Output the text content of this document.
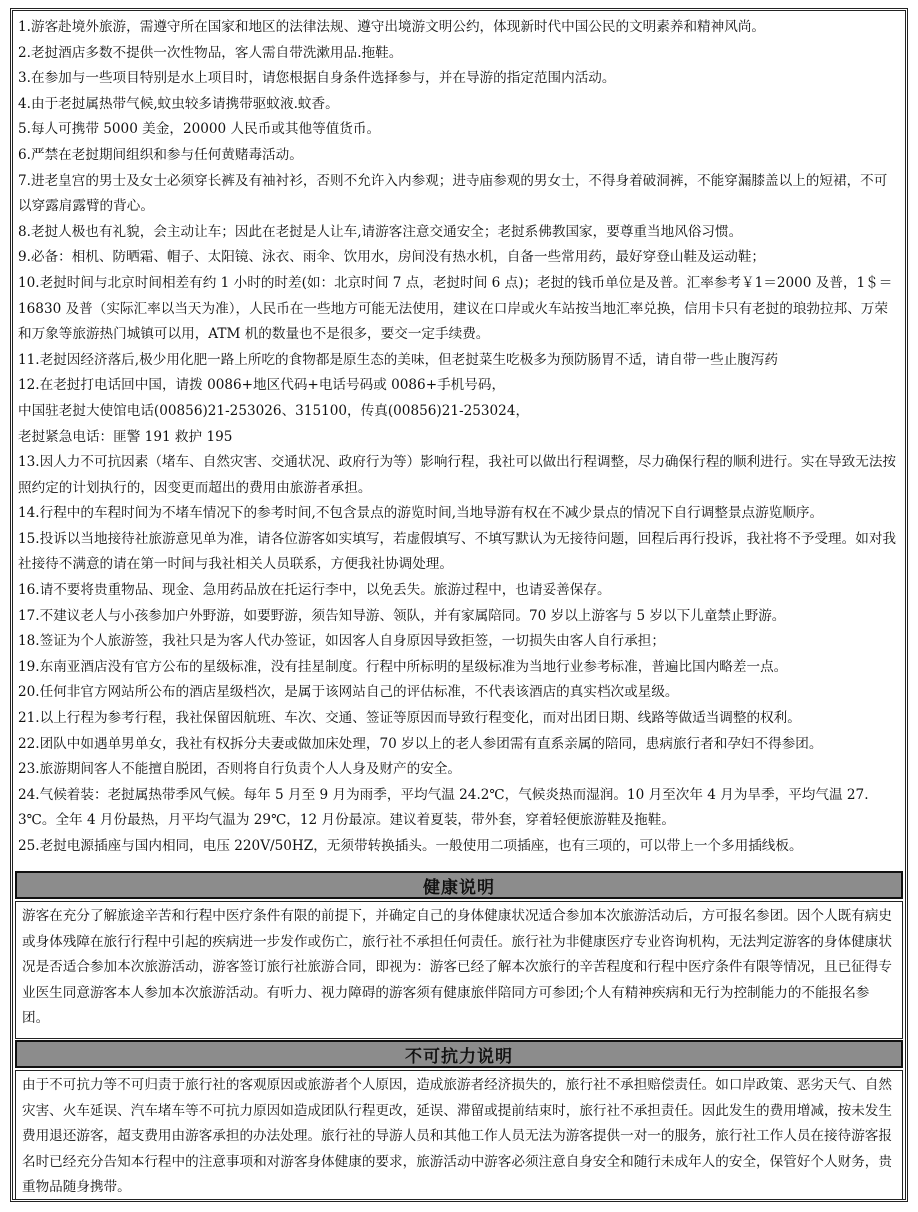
1.游客赴境外旅游，需遵守所在国家和地区的法律法规、遵守出境游文明公约，体现新时代中国公民的文明素养和精神风尚。
2.老挝酒店多数不提供一次性物品，客人需自带洗漱用品.拖鞋。
3.在参加与一些项目特别是水上项目时，请您根据自身条件选择参与，并在导游的指定范围内活动。
4.由于老挝属热带气候,蚊虫较多请携带驱蚊液.蚊香。
5.每人可携带 5000 美金，20000 人民币或其他等值货币。
6.严禁在老挝期间组织和参与任何黄赌毒活动。
7.进老皇宫的男士及女士必须穿长裤及有袖衬衫，否则不允许入内参观；进寺庙参观的男女士，不得身着破洞裤，不能穿漏膝盖以上的短裙，不可以穿露肩露臂的背心。
8.老挝人极也有礼貌，会主动让车；因此在老挝是人让车,请游客注意交通安全；老挝系佛教国家，要尊重当地风俗习惯。
9.必备：相机、防晒霜、帽子、太阳镜、泳衣、雨伞、饮用水，房间没有热水机，自备一些常用药，最好穿登山鞋及运动鞋；
10.老挝时间与北京时间相差有约 1 小时的时差(如：北京时间 7 点，老挝时间 6 点)；老挝的钱币单位是及普。汇率参考￥1＝2000 及普，1＄＝16830 及普（实际汇率以当天为准），人民币在一些地方可能无法使用，建议在口岸或火车站按当地汇率兑换，信用卡只有老挝的琅勃拉邦、万荣和万象等旅游热门城镇可以用，ATM 机的数量也不是很多，要交一定手续费。
11.老挝因经济落后,极少用化肥一路上所吃的食物都是原生态的美味，但老挝菜生吃极多为预防肠胃不适，请自带一些止腹泻药
12.在老挝打电话回中国，请拨 0086+地区代码+电话号码或 0086+手机号码，
中国驻老挝大使馆电话(00856)21-253026、315100，传真(00856)21-253024，
老挝紧急电话：匪警 191 救护 195
13.因人力不可抗因素（堵车、自然灾害、交通状况、政府行为等）影响行程，我社可以做出行程调整，尽力确保行程的顺利进行。实在导致无法按照约定的计划执行的，因变更而超出的费用由旅游者承担。
14.行程中的车程时间为不堵车情况下的参考时间,不包含景点的游览时间,当地导游有权在不减少景点的情况下自行调整景点游览顺序。
15.投诉以当地接待社旅游意见单为准，请各位游客如实填写，若虚假填写、不填写默认为无接待问题，回程后再行投诉，我社将不予受理。如对我社接待不满意的请在第一时间与我社相关人员联系，方便我社协调处理。
16.请不要将贵重物品、现金、急用药品放在托运行李中，以免丢失。旅游过程中，也请妥善保存。
17.不建议老人与小孩参加户外野游，如要野游，须告知导游、领队，并有家属陪同。70 岁以上游客与 5 岁以下儿童禁止野游。
18.签证为个人旅游签，我社只是为客人代办签证，如因客人自身原因导致拒签，一切损失由客人自行承担；
19.东南亚酒店没有官方公布的星级标准，没有挂星制度。行程中所标明的星级标准为当地行业参考标准，普遍比国内略差一点。
20.任何非官方网站所公布的酒店星级档次，是属于该网站自己的评估标准，不代表该酒店的真实档次或星级。
21.以上行程为参考行程，我社保留因航班、车次、交通、签证等原因而导致行程变化，而对出团日期、线路等做适当调整的权利。
22.团队中如遇单男单女，我社有权拆分夫妻或做加床处理，70 岁以上的老人参团需有直系亲属的陪同，患病旅行者和孕妇不得参团。
23.旅游期间客人不能擅自脱团，否则将自行负责个人人身及财产的安全。
24.气候着装：老挝属热带季风气候。每年 5 月至 9 月为雨季，平均气温 24.2℃，气候炎热而湿润。10 月至次年 4 月为旱季，平均气温 27.3℃。全年 4 月份最热，月平均气温为 29℃，12 月份最凉。建议着夏装，带外套，穿着轻便旅游鞋及拖鞋。
25.老挝电源插座与国内相同，电压 220V/50HZ，无须带转换插头。一般使用二项插座，也有三项的，可以带上一个多用插线板。
健康说明
游客在充分了解旅途辛苦和行程中医疗条件有限的前提下，并确定自己的身体健康状况适合参加本次旅游活动后，方可报名参团。因个人既有病史或身体残障在旅行行程中引起的疾病进一步发作或伤亡，旅行社不承担任何责任。旅行社为非健康医疗专业咨询机构，无法判定游客的身体健康状况是否适合参加本次旅游活动，游客签订旅行社旅游合同，即视为：游客已经了解本次旅行的辛苦程度和行程中医疗条件有限等情况，且已征得专业医生同意游客本人参加本次旅游活动。有听力、视力障碍的游客须有健康旅伴陪同方可参团;个人有精神疾病和无行为控制能力的不能报名参团。
不可抗力说明
由于不可抗力等不可归责于旅行社的客观原因或旅游者个人原因，造成旅游者经济损失的，旅行社不承担赔偿责任。如口岸政策、恶劣天气、自然灾害、火车延误、汽车堵车等不可抗力原因如造成团队行程更改，延误、滞留或提前结束时，旅行社不承担责任。因此发生的费用增减，按未发生费用退还游客，超支费用由游客承担的办法处理。旅行社的导游人员和其他工作人员无法为游客提供一对一的服务，旅行社工作人员在接待游客报名时已经充分告知本行程中的注意事项和对游客身体健康的要求，旅游活动中游客必须注意自身安全和随行未成年人的安全，保管好个人财务，贵重物品随身携带。
